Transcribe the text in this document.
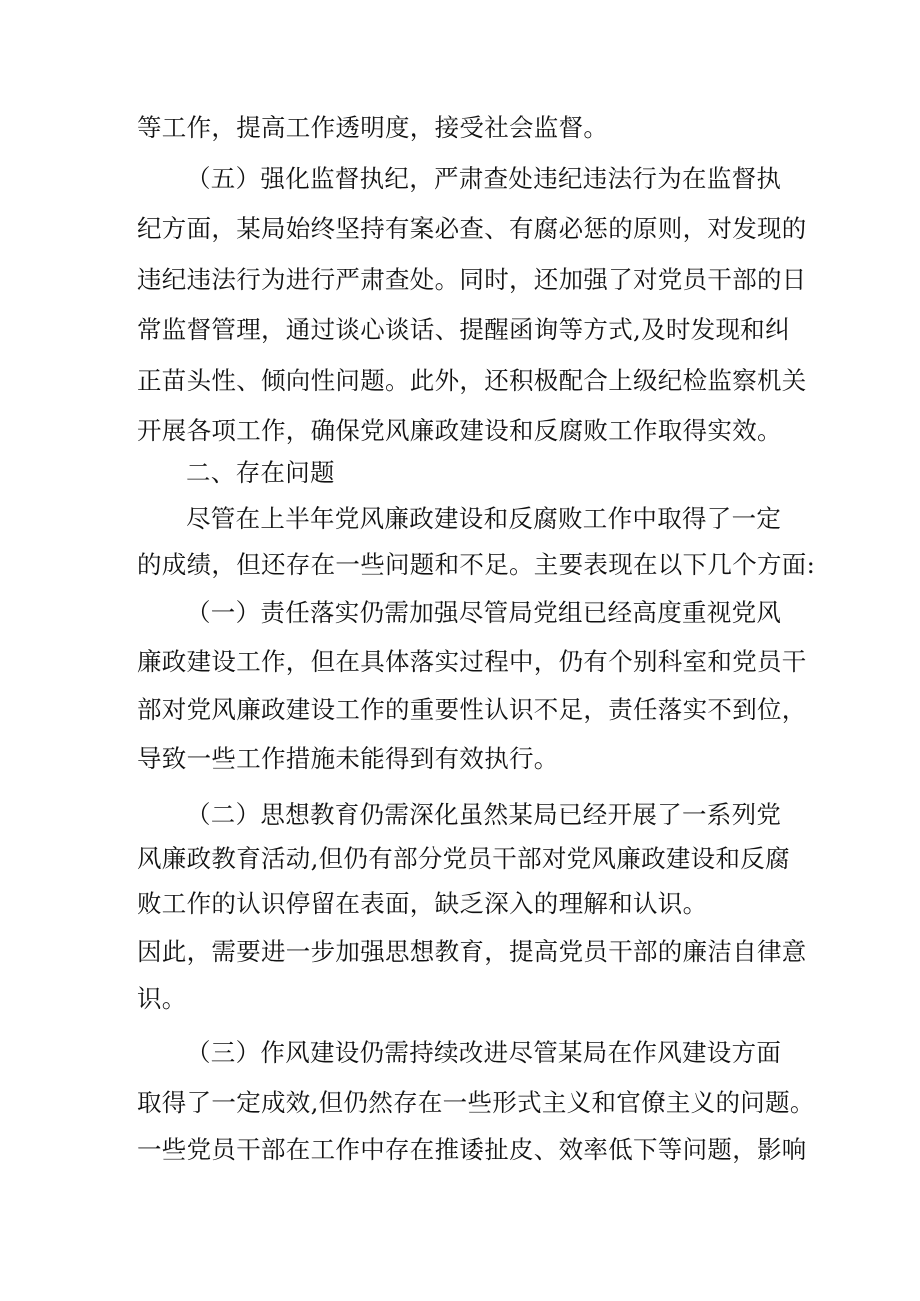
等工作，提高工作透明度，接受社会监督。
（五）强化监督执纪，严肃查处违纪违法行为在监督执
纪方面，某局始终坚持有案必查、有腐必惩的原则，对发现的
违纪违法行为进行严肃查处。同时，还加强了对党员干部的日
常监督管理，通过谈心谈话、提醒函询等方式,及时发现和纠
正苗头性、倾向性问题。此外，还积极配合上级纪检监察机关
开展各项工作，确保党风廉政建设和反腐败工作取得实效。
二、存在问题
尽管在上半年党风廉政建设和反腐败工作中取得了一定
的成绩，但还存在一些问题和不足。主要表现在以下几个方面:
（一）责任落实仍需加强尽管局党组已经高度重视党风
廉政建设工作，但在具体落实过程中，仍有个别科室和党员干
部对党风廉政建设工作的重要性认识不足，责任落实不到位，
导致一些工作措施未能得到有效执行。
（二）思想教育仍需深化虽然某局已经开展了一系列党
风廉政教育活动,但仍有部分党员干部对党风廉政建设和反腐
败工作的认识停留在表面，缺乏深入的理解和认识。
因此，需要进一步加强思想教育，提高党员干部的廉洁自律意
识。
（三）作风建设仍需持续改进尽管某局在作风建设方面
取得了一定成效,但仍然存在一些形式主义和官僚主义的问题。
一些党员干部在工作中存在推诿扯皮、效率低下等问题，影响
